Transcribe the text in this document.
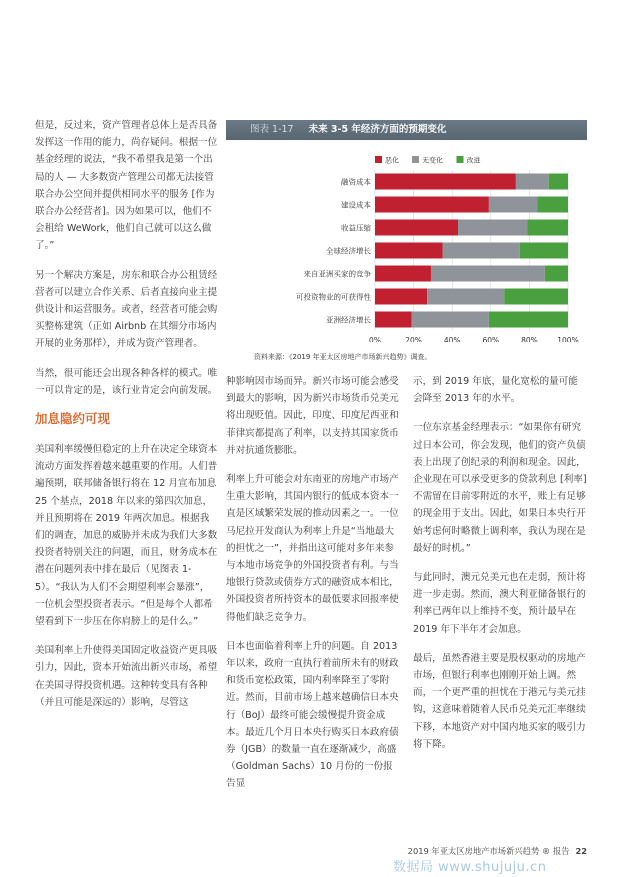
但是，反过来，资产管理者总体上是否具备发挥这一作用的能力，尚存疑问。根据一位基金经理的说法，“我不希望我是第一个出局的人 — 大多数资产管理公司都无法接管联合办公空间并提供相同水平的服务 [作为联合办公经营者]。因为如果可以，他们不会租给 WeWork，他们自己就可以这么做了。”

另一个解决方案是，房东和联合办公租赁经营者可以建立合作关系、后者直接向业主提供设计和运营服务。或者，经营者可能会购买整栋建筑（正如 Airbnb 在其细分市场内开展的业务那样），并成为资产管理者。

当然，很可能还会出现各种各样的模式。唯一可以肯定的是，该行业肯定会向前发展。

加息隐约可现

美国利率缓慢但稳定的上升在决定全球资本流动方面发挥着越来越重要的作用。人们普遍预期，联邦储备银行将在 12 月宣布加息 25 个基点，2018 年以来的第四次加息，并且预期将在 2019 年两次加息。根据我们的调查，加息的威胁并未成为我们大多数投资者特别关注的问题，而且，财务成本在潜在问题列表中排在最后（见图表 1-5）。“我认为人们不会期望利率会暴涨”，一位机会型投资者表示。“但是每个人都希望看到下一步压在你肩膀上的是什么。”

美国利率上升使得美国固定收益资产更具吸引力，因此，资本开始流出新兴市场，希望在美国寻得投资机遇。这种转变具有各种（并且可能是深远的）影响，尽管这

图表 1-17 未来 3-5 年经济方面的预期变化
恶化	无变化	改进
0%	20%	40%	60%	80%	100%
融资成本
建设成本
收益压缩
全球经济增长
来自亚洲买家的竞争
可投资物业的可获得性
亚洲经济增长
资料来源：《2019 年亚太区房地产市场新兴趋势》调查。

种影响因市场而异。新兴市场可能会感受到最大的影响，因为新兴市场货币兑美元将出现贬值。因此，印度、印度尼西亚和菲律宾都提高了利率，以支持其国家货币并对抗通货膨胀。

利率上升可能会对东南亚的房地产市场产生重大影响，其国内银行的低成本资本一直是区域繁荣发展的推动因素之一。一位马尼拉开发商认为利率上升是“当地最大的担忧之一”，并指出这可能对多年来参与本地市场竞争的外国投资者有利。与当地银行贷款或债券方式的融资成本相比，外国投资者所持资本的最低要求回报率使得他们缺乏竞争力。

日本也面临着利率上升的问题。自 2013 年以来，政府一直执行着前所未有的财政和货币宽松政策，国内利率降至了零附近。然而，目前市场上越来越确信日本央行（BoJ）最终可能会缓慢提升资金成本。最近几个月日本央行购买日本政府债券（JGB）的数量一直在逐渐减少，高盛（Goldman Sachs）10 月份的一份报告显

示，到 2019 年底，量化宽松的量可能会降至 2013 年的水平。

一位东京基金经理表示：“如果你有研究过日本公司，你会发现，他们的资产负债表上出现了创纪录的利润和现金。因此，企业现在可以承受更多的贷款利息 [利率] 不需留在目前零附近的水平，账上有足够的现金用于支出。因此，如果日本央行开始考虑何时略微上调利率，我认为现在是最好的时机。”

与此同时，澳元兑美元也在走弱，预计将进一步走弱。然而，澳大利亚储备银行的利率已两年以上维持不变，预计最早在 2019 年下半年才会加息。

最后，虽然香港主要是股权驱动的房地产市场，但银行利率也刚刚开始上调。然而，一个更严重的担忧在于港元与美元挂钩，这意味着随着人民币兑美元汇率继续下移，本地资产对中国内地买家的吸引力将下降。

2019 年亚太区房地产市场新兴趋势 ® 报告 22
数据局 www.shujuju.cn
